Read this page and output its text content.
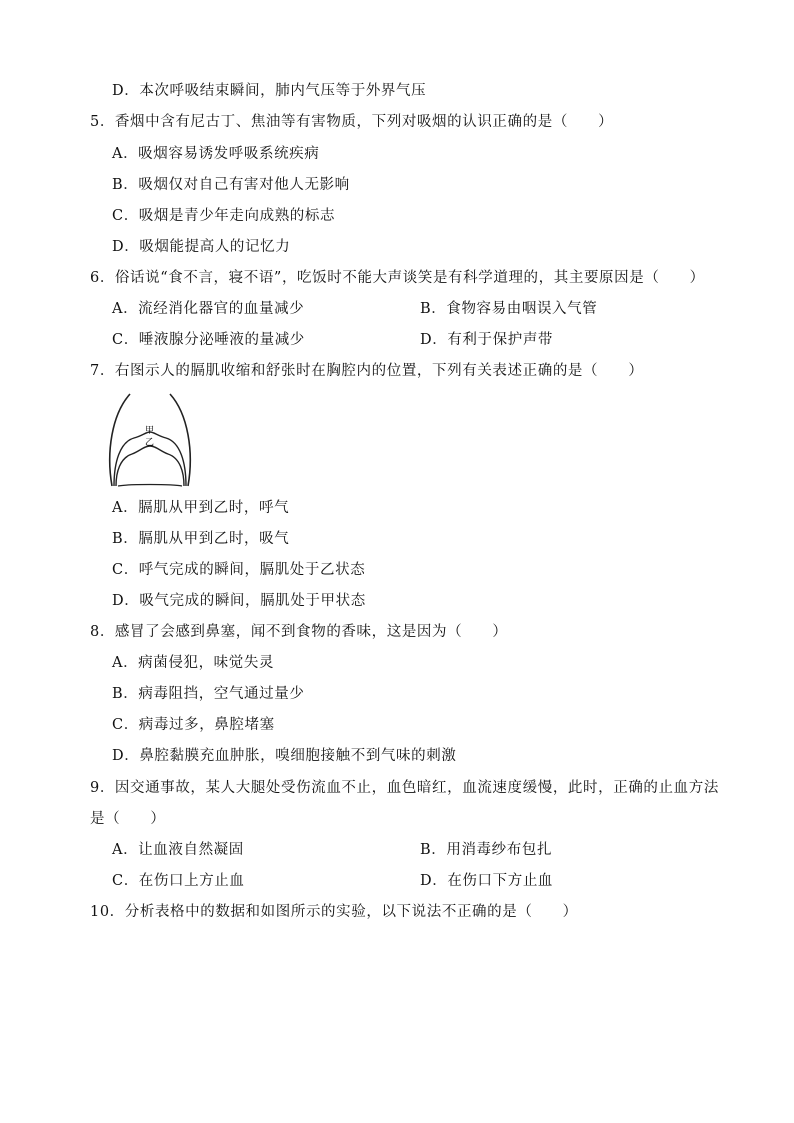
D．本次呼吸结束瞬间，肺内气压等于外界气压
5．香烟中含有尼古丁、焦油等有害物质，下列对吸烟的认识正确的是（　　）
A．吸烟容易诱发呼吸系统疾病
B．吸烟仅对自己有害对他人无影响
C．吸烟是青少年走向成熟的标志
D．吸烟能提高人的记忆力
6．俗话说“食不言，寝不语”，吃饭时不能大声谈笑是有科学道理的，其主要原因是（　　）
A．流经消化器官的血量减少	B．食物容易由咽误入气管
C．唾液腺分泌唾液的量减少	D．有利于保护声带
7．右图示人的膈肌收缩和舒张时在胸腔内的位置，下列有关表述正确的是（　　）
甲
乙
A．膈肌从甲到乙时，呼气
B．膈肌从甲到乙时，吸气
C．呼气完成的瞬间，膈肌处于乙状态
D．吸气完成的瞬间，膈肌处于甲状态
8．感冒了会感到鼻塞，闻不到食物的香味，这是因为（　　）
A．病菌侵犯，味觉失灵
B．病毒阻挡，空气通过量少
C．病毒过多，鼻腔堵塞
D．鼻腔黏膜充血肿胀，嗅细胞接触不到气味的刺激
9．因交通事故，某人大腿处受伤流血不止，血色暗红，血流速度缓慢，此时，正确的止血方法
是（　　）
A．让血液自然凝固	B．用消毒纱布包扎
C．在伤口上方止血	D．在伤口下方止血
10．分析表格中的数据和如图所示的实验，以下说法不正确的是（　　）
